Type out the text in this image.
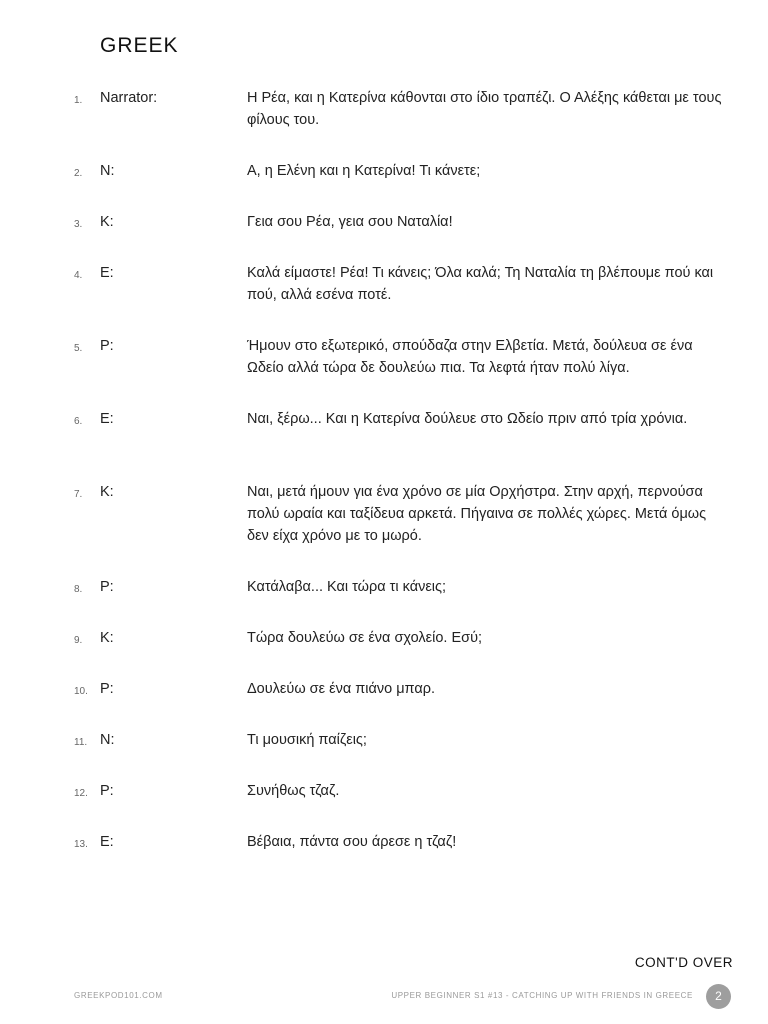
GREEK
1. Narrator:	Η Ρέα, και η Κατερίνα κάθονται στο ίδιο τραπέζι. Ο Αλέξης κάθεται με τους φίλους του.
2. N:	Α, η Ελένη και η Κατερίνα! Τι κάνετε;
3. K:	Γεια σου Ρέα, γεια σου Ναταλία!
4. E:	Καλά είμαστε! Ρέα! Τι κάνεις; Όλα καλά; Τη Ναταλία τη βλέπουμε πού και πού, αλλά εσένα ποτέ.
5. P:	Ήμουν στο εξωτερικό, σπούδαζα στην Ελβετία. Μετά, δούλευα σε ένα Ωδείο αλλά τώρα δε δουλεύω πια. Τα λεφτά ήταν πολύ λίγα.
6. E:	Ναι, ξέρω... Και η Κατερίνα δούλευε στο Ωδείο πριν από τρία χρόνια.
7. K:	Ναι, μετά ήμουν για ένα χρόνο σε μία Ορχήστρα. Στην αρχή, περνούσα πολύ ωραία και ταξίδευα αρκετά. Πήγαινα σε πολλές χώρες. Μετά όμως δεν είχα χρόνο με το μωρό.
8. P:	Κατάλαβα... Και τώρα τι κάνεις;
9. K:	Τώρα δουλεύω σε ένα σχολείο. Εσύ;
10. P:	Δουλεύω σε ένα πιάνο μπαρ.
11. N:	Τι μουσική παίζεις;
12. P:	Συνήθως τζαζ.
13. E:	Βέβαια, πάντα σου άρεσε η τζαζ!
CONT'D OVER
GREEKPOD101.COM	UPPER BEGINNER S1 #13 - CATCHING UP WITH FRIENDS IN GREECE	2
